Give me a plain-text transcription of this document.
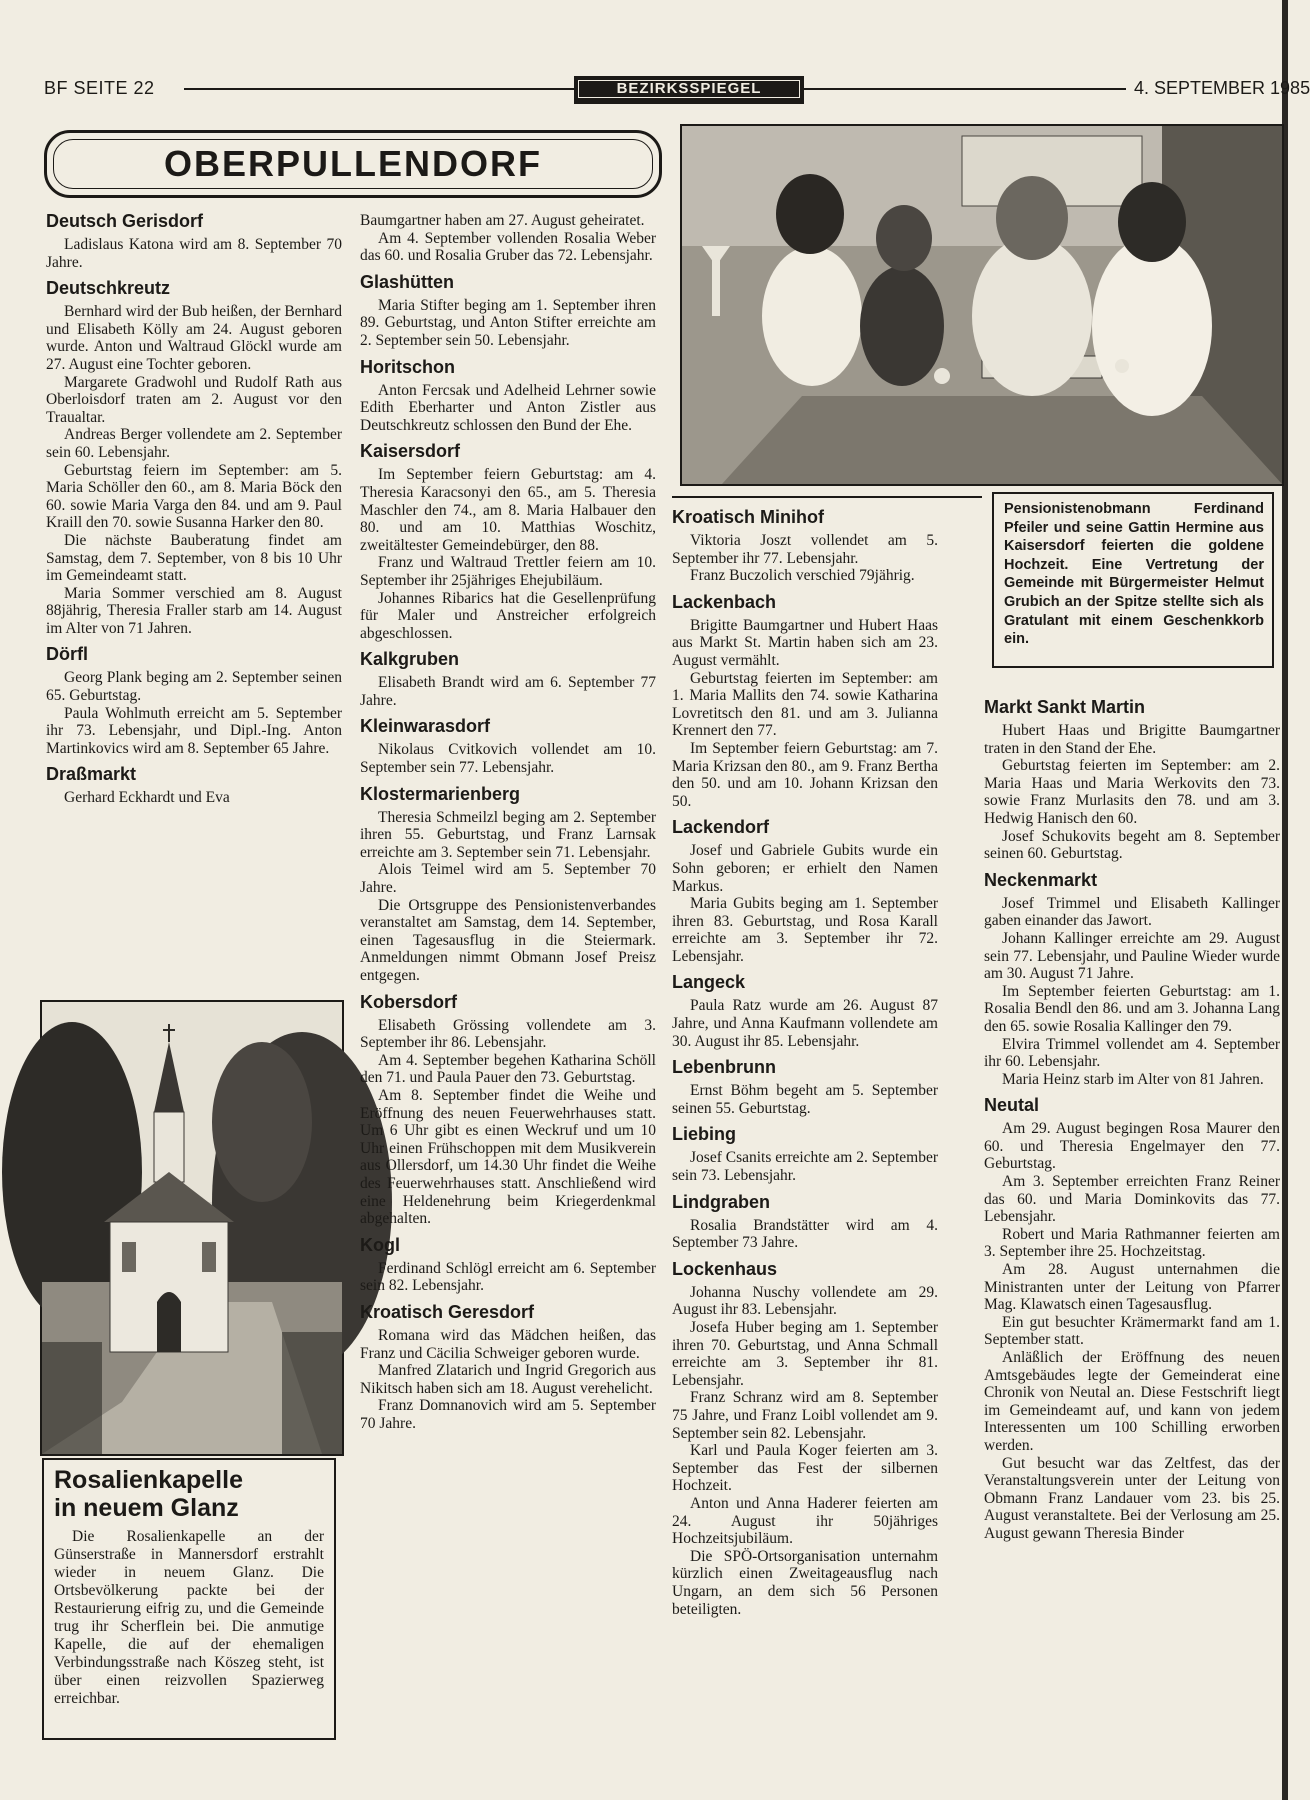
BF SEITE 22	BEZIRKSSPIEGEL	4. SEPTEMBER 1985
OBERPULLENDORF
Deutsch Gerisdorf

Ladislaus Katona wird am 8. September 70 Jahre.

Deutschkreutz

Bernhard wird der Bub heißen, der Bernhard und Elisabeth Kölly am 24. August geboren wurde. Anton und Waltraud Glöckl wurde am 27. August eine Tochter geboren.

Margarete Gradwohl und Rudolf Rath aus Oberloisdorf traten am 2. August vor den Traualtar.

Andreas Berger vollendete am 2. September sein 60. Lebensjahr.

Geburtstag feiern im September: am 5. Maria Schöller den 60., am 8. Maria Böck den 60. sowie Maria Varga den 84. und am 9. Paul Kraill den 70. sowie Susanna Harker den 80.

Die nächste Bauberatung findet am Samstag, dem 7. September, von 8 bis 10 Uhr im Gemeindeamt statt.

Maria Sommer verschied am 8. August 88jährig, Theresia Fraller starb am 14. August im Alter von 71 Jahren.

Dörfl

Georg Plank beging am 2. September seinen 65. Geburtstag.

Paula Wohlmuth erreicht am 5. September ihr 73. Lebensjahr, und Dipl.-Ing. Anton Martinkovics wird am 8. September 65 Jahre.

Draßmarkt

Gerhard Eckhardt und Eva

Rosalienkapelle
in neuem Glanz

Die Rosalienkapelle an der Günserstraße in Mannersdorf erstrahlt wieder in neuem Glanz. Die Ortsbevölkerung packte bei der Restaurierung eifrig zu, und die Gemeinde trug ihr Scherflein bei. Die anmutige Kapelle, die auf der ehemaligen Verbindungsstraße nach Köszeg steht, ist über einen reizvollen Spazierweg erreichbar.

Baumgartner haben am 27. August geheiratet.

Am 4. September vollenden Rosalia Weber das 60. und Rosalia Gruber das 72. Lebensjahr.

Glashütten

Maria Stifter beging am 1. September ihren 89. Geburtstag, und Anton Stifter erreichte am 2. September sein 50. Lebensjahr.

Horitschon

Anton Fercsak und Adelheid Lehrner sowie Edith Eberharter und Anton Zistler aus Deutschkreutz schlossen den Bund der Ehe.

Kaisersdorf

Im September feiern Geburtstag: am 4. Theresia Karacsonyi den 65., am 5. Theresia Maschler den 74., am 8. Maria Halbauer den 80. und am 10. Matthias Woschitz, zweitältester Gemeindebürger, den 88.

Franz und Waltraud Trettler feiern am 10. September ihr 25jähriges Ehejubiläum.

Johannes Ribarics hat die Gesellenprüfung für Maler und Anstreicher erfolgreich abgeschlossen.

Kalkgruben

Elisabeth Brandt wird am 6. September 77 Jahre.

Kleinwarasdorf

Nikolaus Cvitkovich vollendet am 10. September sein 77. Lebensjahr.

Klostermarienberg

Theresia Schmeilzl beging am 2. September ihren 55. Geburtstag, und Franz Larnsak erreichte am 3. September sein 71. Lebensjahr.

Alois Teimel wird am 5. September 70 Jahre.

Die Ortsgruppe des Pensionistenverbandes veranstaltet am Samstag, dem 14. September, einen Tagesausflug in die Steiermark. Anmeldungen nimmt Obmann Josef Preisz entgegen.

Kobersdorf

Elisabeth Grössing vollendete am 3. September ihr 86. Lebensjahr.

Am 4. September begehen Katharina Schöll den 71. und Paula Pauer den 73. Geburtstag.

Am 8. September findet die Weihe und Eröffnung des neuen Feuerwehrhauses statt. Um 6 Uhr gibt es einen Weckruf und um 10 Uhr einen Frühschoppen mit dem Musikverein aus Ollersdorf, um 14.30 Uhr findet die Weihe des Feuerwehrhauses statt. Anschließend wird eine Heldenehrung beim Kriegerdenkmal abgehalten.

Kogl

Ferdinand Schlögl erreicht am 6. September sein 82. Lebensjahr.

Kroatisch Geresdorf

Romana wird das Mädchen heißen, das Franz und Cäcilia Schweiger geboren wurde.

Manfred Zlatarich und Ingrid Gregorich aus Nikitsch haben sich am 18. August verehelicht.

Franz Domnanovich wird am 5. September 70 Jahre.

Pensionistenobmann Ferdinand Pfeiler und seine Gattin Hermine aus Kaisersdorf feierten die goldene Hochzeit. Eine Vertretung der Gemeinde mit Bürgermeister Helmut Grubich an der Spitze stellte sich als Gratulant mit einem Geschenkkorb ein.
Kroatisch Minihof

Viktoria Joszt vollendet am 5. September ihr 77. Lebensjahr.

Franz Buczolich verschied 79jährig.

Lackenbach

Brigitte Baumgartner und Hubert Haas aus Markt St. Martin haben sich am 23. August vermählt.

Geburtstag feierten im September: am 1. Maria Mallits den 74. sowie Katharina Lovretitsch den 81. und am 3. Julianna Krennert den 77.

Im September feiern Geburtstag: am 7. Maria Krizsan den 80., am 9. Franz Bertha den 50. und am 10. Johann Krizsan den 50.

Lackendorf

Josef und Gabriele Gubits wurde ein Sohn geboren; er erhielt den Namen Markus.

Maria Gubits beging am 1. September ihren 83. Geburtstag, und Rosa Karall erreichte am 3. September ihr 72. Lebensjahr.

Langeck

Paula Ratz wurde am 26. August 87 Jahre, und Anna Kaufmann vollendete am 30. August ihr 85. Lebensjahr.

Lebenbrunn

Ernst Böhm begeht am 5. September seinen 55. Geburtstag.

Liebing

Josef Csanits erreichte am 2. September sein 73. Lebensjahr.

Lindgraben

Rosalia Brandstätter wird am 4. September 73 Jahre.

Lockenhaus

Johanna Nuschy vollendete am 29. August ihr 83. Lebensjahr.

Josefa Huber beging am 1. September ihren 70. Geburtstag, und Anna Schmall erreichte am 3. September ihr 81. Lebensjahr.

Franz Schranz wird am 8. September 75 Jahre, und Franz Loibl vollendet am 9. September sein 82. Lebensjahr.

Karl und Paula Koger feierten am 3. September das Fest der silbernen Hochzeit.

Anton und Anna Haderer feierten am 24. August ihr 50jähriges Hochzeitsjubiläum.

Die SPÖ-Ortsorganisation unternahm kürzlich einen Zweitageausflug nach Ungarn, an dem sich 56 Personen beteiligten.

Markt Sankt Martin

Hubert Haas und Brigitte Baumgartner traten in den Stand der Ehe.

Geburtstag feierten im September: am 2. Maria Haas und Maria Werkovits den 73. sowie Franz Murlasits den 78. und am 3. Hedwig Hanisch den 60.

Josef Schukovits begeht am 8. September seinen 60. Geburtstag.

Neckenmarkt

Josef Trimmel und Elisabeth Kallinger gaben einander das Jawort.

Johann Kallinger erreichte am 29. August sein 77. Lebensjahr, und Pauline Wieder wurde am 30. August 71 Jahre.

Im September feierten Geburtstag: am 1. Rosalia Bendl den 86. und am 3. Johanna Lang den 65. sowie Rosalia Kallinger den 79.

Elvira Trimmel vollendet am 4. September ihr 60. Lebensjahr.

Maria Heinz starb im Alter von 81 Jahren.

Neutal

Am 29. August begingen Rosa Maurer den 60. und Theresia Engelmayer den 77. Geburtstag.

Am 3. September erreichten Franz Reiner das 60. und Maria Dominkovits das 77. Lebensjahr.

Robert und Maria Rathmanner feierten am 3. September ihre 25. Hochzeitstag.

Am 28. August unternahmen die Ministranten unter der Leitung von Pfarrer Mag. Klawatsch einen Tagesausflug.

Ein gut besuchter Krämermarkt fand am 1. September statt.

Anläßlich der Eröffnung des neuen Amtsgebäudes legte der Gemeinderat eine Chronik von Neutal an. Diese Festschrift liegt im Gemeindeamt auf, und kann von jedem Interessenten um 100 Schilling erworben werden.

Gut besucht war das Zeltfest, das der Veranstaltungsverein unter der Leitung von Obmann Franz Landauer vom 23. bis 25. August veranstaltete. Bei der Verlosung am 25. August gewann Theresia Binder
